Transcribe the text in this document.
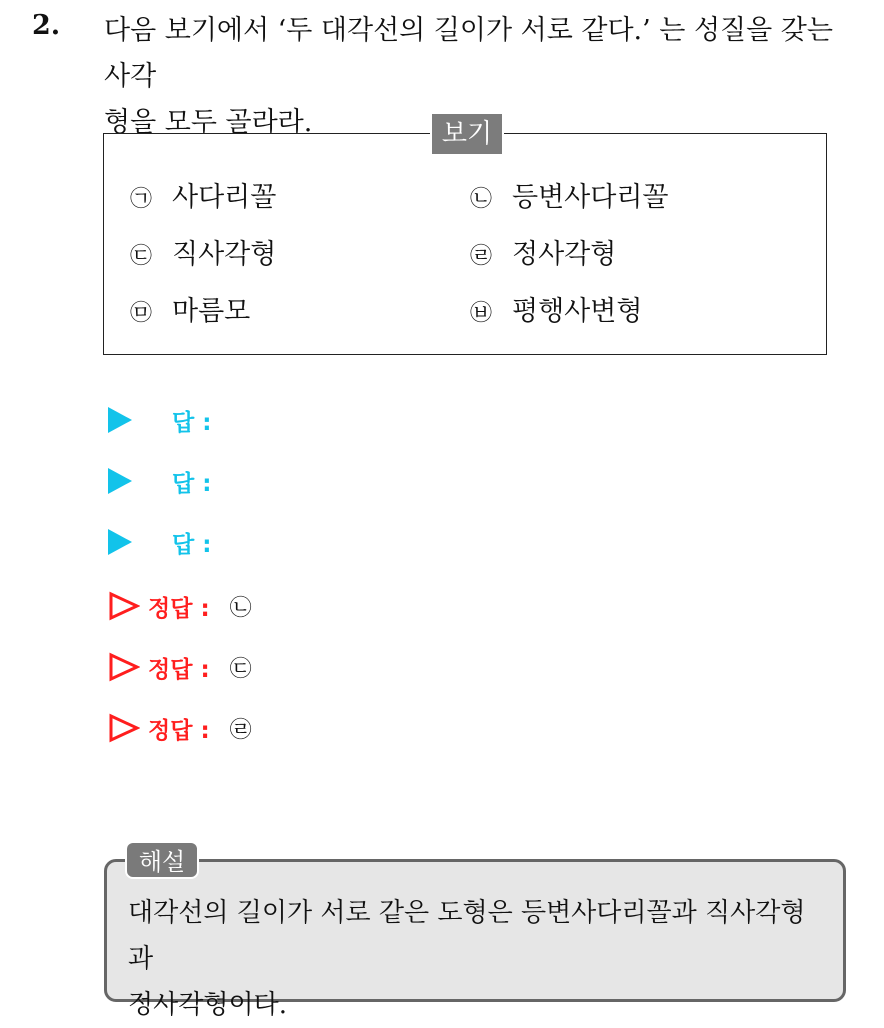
2. 다음 보기에서 ‘두 대각선의 길이가 서로 같다.’ 는 성질을 갖는 사각
형을 모두 골라라.	보기
㉠ 사다리꼴	㉡ 등변사다리꼴
㉢ 직사각형	㉣ 정사각형
㉤ 마름모	㉥ 평행사변형
답 :
답 :
답 :
정답 : ㉡
정답 : ㉢
정답 : ㉣
해설
대각선의 길이가 서로 같은 도형은 등변사다리꼴과 직사각형과
정사각형이다.
